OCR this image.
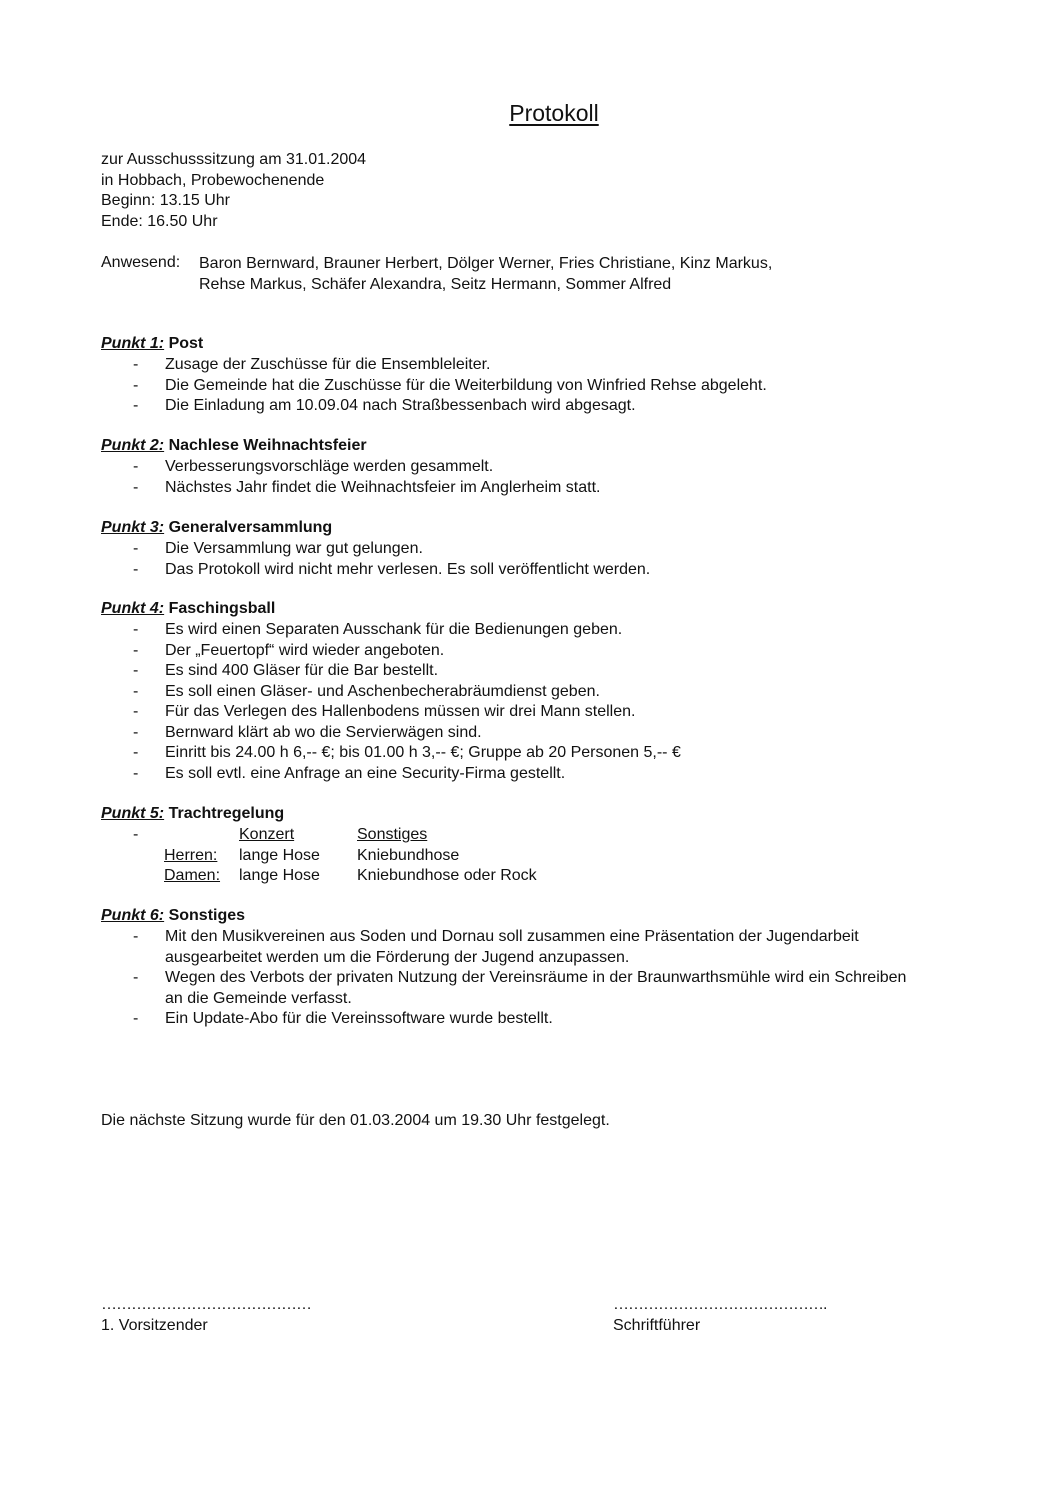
Protokoll
zur Ausschusssitzung am 31.01.2004
in Hobbach, Probewochenende
Beginn: 13.15 Uhr
Ende: 16.50 Uhr
Anwesend: Baron Bernward, Brauner Herbert, Dölger Werner, Fries Christiane, Kinz Markus,
Rehse Markus, Schäfer Alexandra, Seitz Hermann, Sommer Alfred
Punkt 1: Post
- Zusage der Zuschüsse für die Ensembleleiter.
- Die Gemeinde hat die Zuschüsse für die Weiterbildung von Winfried Rehse abgeleht.
- Die Einladung am 10.09.04 nach Straßbessenbach wird abgesagt.
Punkt 2: Nachlese Weihnachtsfeier
- Verbesserungsvorschläge werden gesammelt.
- Nächstes Jahr findet die Weihnachtsfeier im Anglerheim statt.
Punkt 3: Generalversammlung
- Die Versammlung war gut gelungen.
- Das Protokoll wird nicht mehr verlesen. Es soll veröffentlicht werden.
Punkt 4: Faschingsball
- Es wird einen Separaten Ausschank für die Bedienungen geben.
- Der „Feuertopf“ wird wieder angeboten.
- Es sind 400 Gläser für die Bar bestellt.
- Es soll einen Gläser- und Aschenbecherabräumdienst geben.
- Für das Verlegen des Hallenbodens müssen wir drei Mann stellen.
- Bernward klärt ab wo die Servierwägen sind.
- Einritt bis 24.00 h 6,-- €; bis 01.00 h 3,-- €; Gruppe ab 20 Personen 5,-- €
- Es soll evtl. eine Anfrage an eine Security-Firma gestellt.
Punkt 5: Trachtregelung
-	Konzert	Sonstiges
Herren: lange Hose Kniebundhose
Damen: lange Hose Kniebundhose oder Rock
Punkt 6: Sonstiges
- Mit den Musikvereinen aus Soden und Dornau soll zusammen eine Präsentation der Jugendarbeit
ausgearbeitet werden um die Förderung der Jugend anzupassen.
- Wegen des Verbots der privaten Nutzung der Vereinsräume in der Braunwarthsmühle wird ein Schreiben
an die Gemeinde verfasst.
- Ein Update-Abo für die Vereinssoftware wurde bestellt.
Die nächste Sitzung wurde für den 01.03.2004 um 19.30 Uhr festgelegt.
……………………………………
1. Vorsitzender
…………………………………….
Schriftführer
